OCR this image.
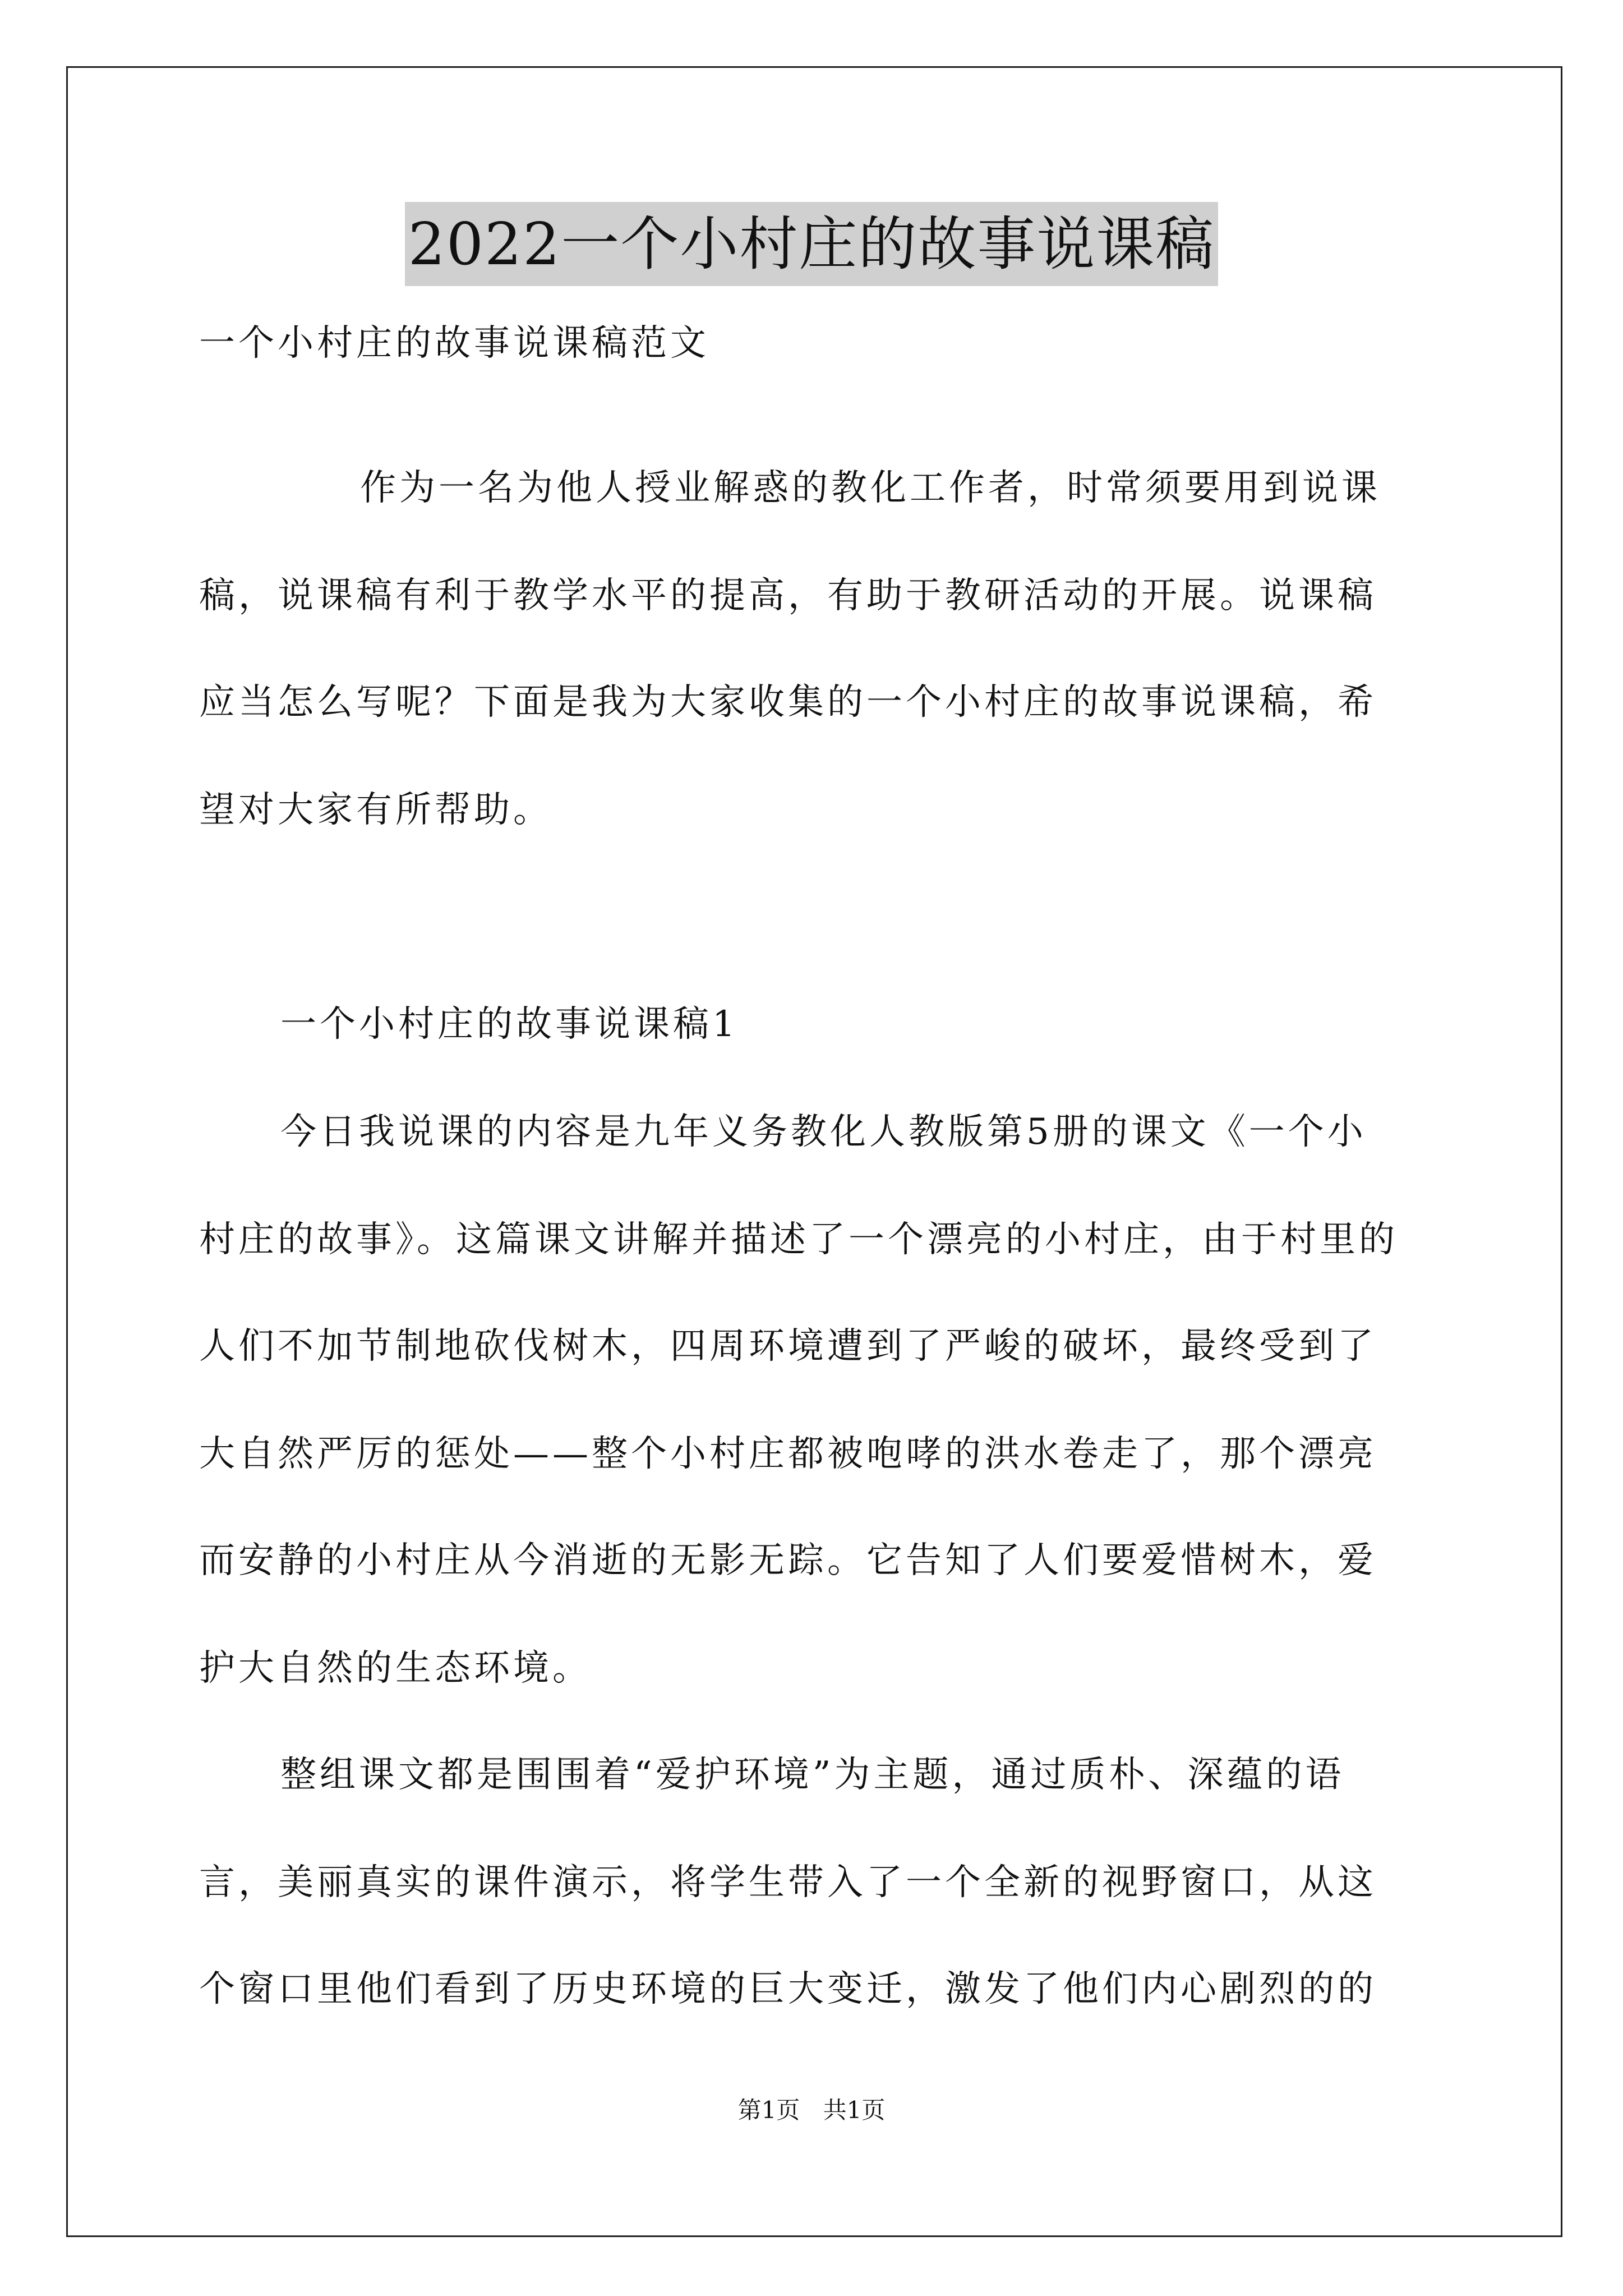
2022一个小村庄的故事说课稿
一个小村庄的故事说课稿范文
作为一名为他人授业解惑的教化工作者，时常须要用到说课
稿，说课稿有利于教学水平的提高，有助于教研活动的开展。说课稿
应当怎么写呢？下面是我为大家收集的一个小村庄的故事说课稿，希
望对大家有所帮助。
一个小村庄的故事说课稿1
今日我说课的内容是九年义务教化人教版第5册的课文《一个小
村庄的故事》。这篇课文讲解并描述了一个漂亮的小村庄，由于村里的
人们不加节制地砍伐树木，四周环境遭到了严峻的破坏，最终受到了
大自然严厉的惩处——整个小村庄都被咆哮的洪水卷走了，那个漂亮
而安静的小村庄从今消逝的无影无踪。它告知了人们要爱惜树木，爱
护大自然的生态环境。
整组课文都是围围着“爱护环境”为主题，通过质朴、深蕴的语
言，美丽真实的课件演示，将学生带入了一个全新的视野窗口，从这
个窗口里他们看到了历史环境的巨大变迁，激发了他们内心剧烈的的
第1页 共1页
